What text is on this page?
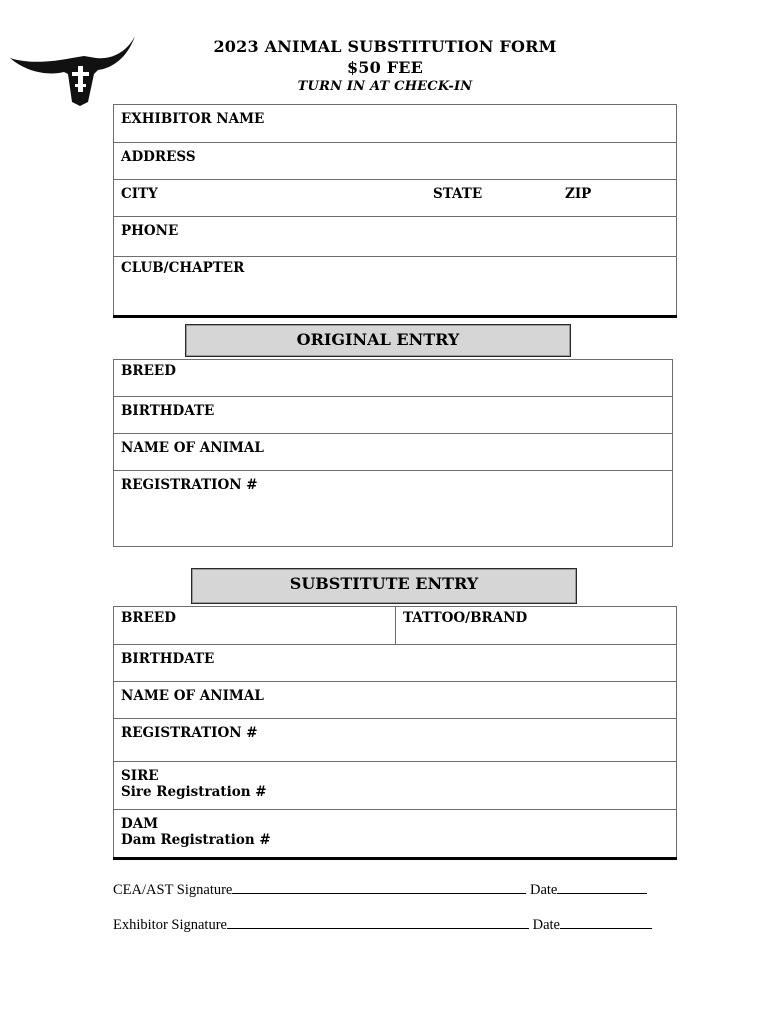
2023 ANIMAL SUBSTITUTION FORM
$50 FEE
TURN IN AT CHECK-IN
EXHIBITOR NAME

ADDRESS

CITY	STATE	ZIP

PHONE

CLUB/CHAPTER
ORIGINAL ENTRY
BREED

BIRTHDATE

NAME OF ANIMAL

REGISTRATION #
SUBSTITUTE ENTRY
BREED	TATTOO/BRAND

BIRTHDATE

NAME OF ANIMAL

REGISTRATION #

SIRE
Sire Registration #

DAM
Dam Registration #
CEA/AST Signature	Date
Exhibitor Signature	Date
